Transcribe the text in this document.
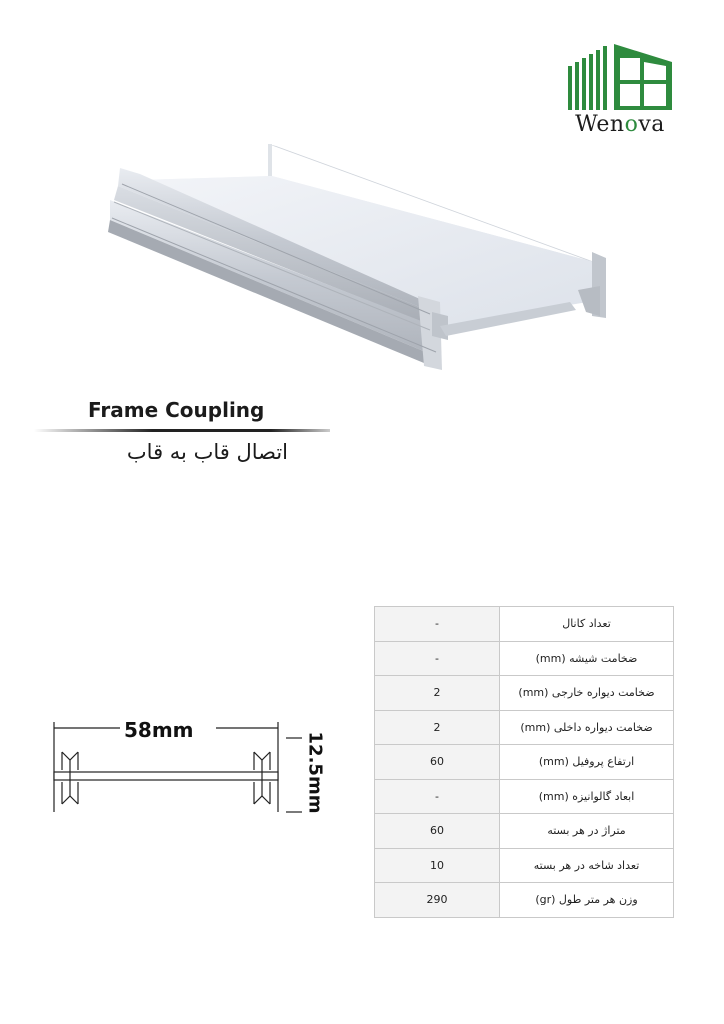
Wenova
Frame Coupling
اتصال قاب به قاب
58mm
12.5mm
-	تعداد کانال
-	ضخامت شیشه (mm)
2	ضخامت دیواره خارجی (mm)
2	ضخامت دیواره داخلی (mm)
60	ارتفاع پروفیل (mm)
-	ابعاد گالوانیزه (mm)
60	متراژ در هر بسته
10	تعداد شاخه در هر بسته
290	وزن هر متر طول (gr)
